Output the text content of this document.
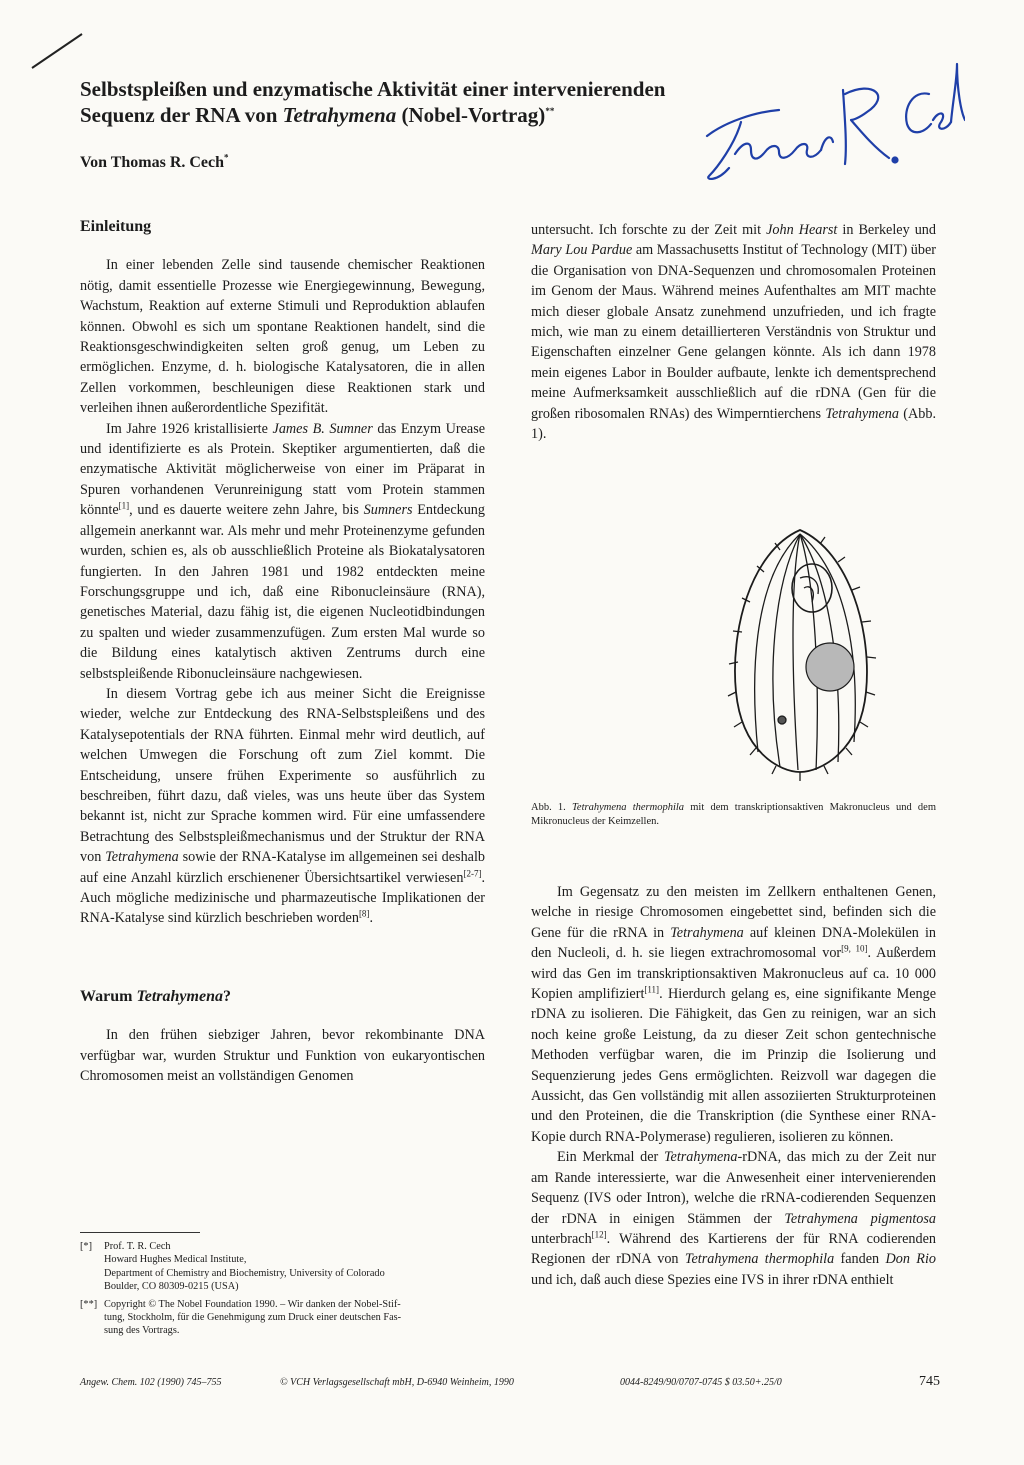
Selbstspleißen und enzymatische Aktivität einer intervenierenden
Sequenz der RNA von Tetrahymena (Nobel-Vortrag)**

Von Thomas R. Cech*

Einleitung

In einer lebenden Zelle sind tausende chemischer Reaktionen nötig, damit essentielle Prozesse wie Energiegewinnung, Bewegung, Wachstum, Reaktion auf externe Stimuli und Reproduktion ablaufen können. Obwohl es sich um spontane Reaktionen handelt, sind die Reaktionsgeschwindigkeiten selten groß genug, um Leben zu ermöglichen. Enzyme, d. h. biologische Katalysatoren, die in allen Zellen vorkommen, beschleunigen diese Reaktionen stark und verleihen ihnen außerordentliche Spezifität.

Im Jahre 1926 kristallisierte James B. Sumner das Enzym Urease und identifizierte es als Protein. Skeptiker argumentierten, daß die enzymatische Aktivität möglicherweise von einer im Präparat in Spuren vorhandenen Verunreinigung statt vom Protein stammen könnte[1], und es dauerte weitere zehn Jahre, bis Sumners Entdeckung allgemein anerkannt war. Als mehr und mehr Proteinenzyme gefunden wurden, schien es, als ob ausschließlich Proteine als Biokatalysatoren fungierten. In den Jahren 1981 und 1982 entdeckten meine Forschungsgruppe und ich, daß eine Ribonucleinsäure (RNA), genetisches Material, dazu fähig ist, die eigenen Nucleotidbindungen zu spalten und wieder zusammenzufügen. Zum ersten Mal wurde so die Bildung eines katalytisch aktiven Zentrums durch eine selbstspleißende Ribonucleinsäure nachgewiesen.

In diesem Vortrag gebe ich aus meiner Sicht die Ereignisse wieder, welche zur Entdeckung des RNA-Selbstspleißens und des Katalysepotentials der RNA führten. Einmal mehr wird deutlich, auf welchen Umwegen die Forschung oft zum Ziel kommt. Die Entscheidung, unsere frühen Experimente so ausführlich zu beschreiben, führt dazu, daß vieles, was uns heute über das System bekannt ist, nicht zur Sprache kommen wird. Für eine umfassendere Betrachtung des Selbstspleißmechanismus und der Struktur der RNA von Tetrahymena sowie der RNA-Katalyse im allgemeinen sei deshalb auf eine Anzahl kürzlich erschienener Übersichtsartikel verwiesen[2-7]. Auch mögliche medizinische und pharmazeutische Implikationen der RNA-Katalyse sind kürzlich beschrieben worden[8].

Warum Tetrahymena?

In den frühen siebziger Jahren, bevor rekombinante DNA verfügbar war, wurden Struktur und Funktion von eukaryontischen Chromosomen meist an vollständigen Genomen

untersucht. Ich forschte zu der Zeit mit John Hearst in Berkeley und Mary Lou Pardue am Massachusetts Institut of Technology (MIT) über die Organisation von DNA-Sequenzen und chromosomalen Proteinen im Genom der Maus. Während meines Aufenthaltes am MIT machte mich dieser globale Ansatz zunehmend unzufrieden, und ich fragte mich, wie man zu einem detaillierteren Verständnis von Struktur und Eigenschaften einzelner Gene gelangen könnte. Als ich dann 1978 mein eigenes Labor in Boulder aufbaute, lenkte ich dementsprechend meine Aufmerksamkeit ausschließlich auf die rDNA (Gen für die großen ribosomalen RNAs) des Wimperntierchens Tetrahymena (Abb. 1).

Abb. 1. Tetrahymena thermophila mit dem transkriptionsaktiven Makronucleus und dem Mikronucleus der Keimzellen.

Im Gegensatz zu den meisten im Zellkern enthaltenen Genen, welche in riesige Chromosomen eingebettet sind, befinden sich die Gene für die rRNA in Tetrahymena auf kleinen DNA-Molekülen in den Nucleoli, d. h. sie liegen extrachromosomal vor[9, 10]. Außerdem wird das Gen im transkriptionsaktiven Makronucleus auf ca. 10 000 Kopien amplifiziert[11]. Hierdurch gelang es, eine signifikante Menge rDNA zu isolieren. Die Fähigkeit, das Gen zu reinigen, war an sich noch keine große Leistung, da zu dieser Zeit schon gentechnische Methoden verfügbar waren, die im Prinzip die Isolierung und Sequenzierung jedes Gens ermöglichten. Reizvoll war dagegen die Aussicht, das Gen vollständig mit allen assoziierten Strukturproteinen und den Proteinen, die die Transkription (die Synthese einer RNA-Kopie durch RNA-Polymerase) regulieren, isolieren zu können.

Ein Merkmal der Tetrahymena-rDNA, das mich zu der Zeit nur am Rande interessierte, war die Anwesenheit einer intervenierenden Sequenz (IVS oder Intron), welche die rRNA-codierenden Sequenzen der rDNA in einigen Stämmen der Tetrahymena pigmentosa unterbrach[12]. Während des Kartierens der für RNA codierenden Regionen der rDNA von Tetrahymena thermophila fanden Don Rio und ich, daß auch diese Spezies eine IVS in ihrer rDNA enthielt

[*]	Prof. T. R. Cech
Howard Hughes Medical Institute,
Department of Chemistry and Biochemistry, University of Colorado
Boulder, CO 80309-0215 (USA)
[**] Copyright © The Nobel Foundation 1990. – Wir danken der Nobel-Stif-
tung, Stockholm, für die Genehmigung zum Druck einer deutschen Fas-
sung des Vortrags.
Angew. Chem. 102 (1990) 745–755	© VCH Verlagsgesellschaft mbH, D-6940 Weinheim, 1990	0044-8249/90/0707-0745 $ 03.50+.25/0	745
